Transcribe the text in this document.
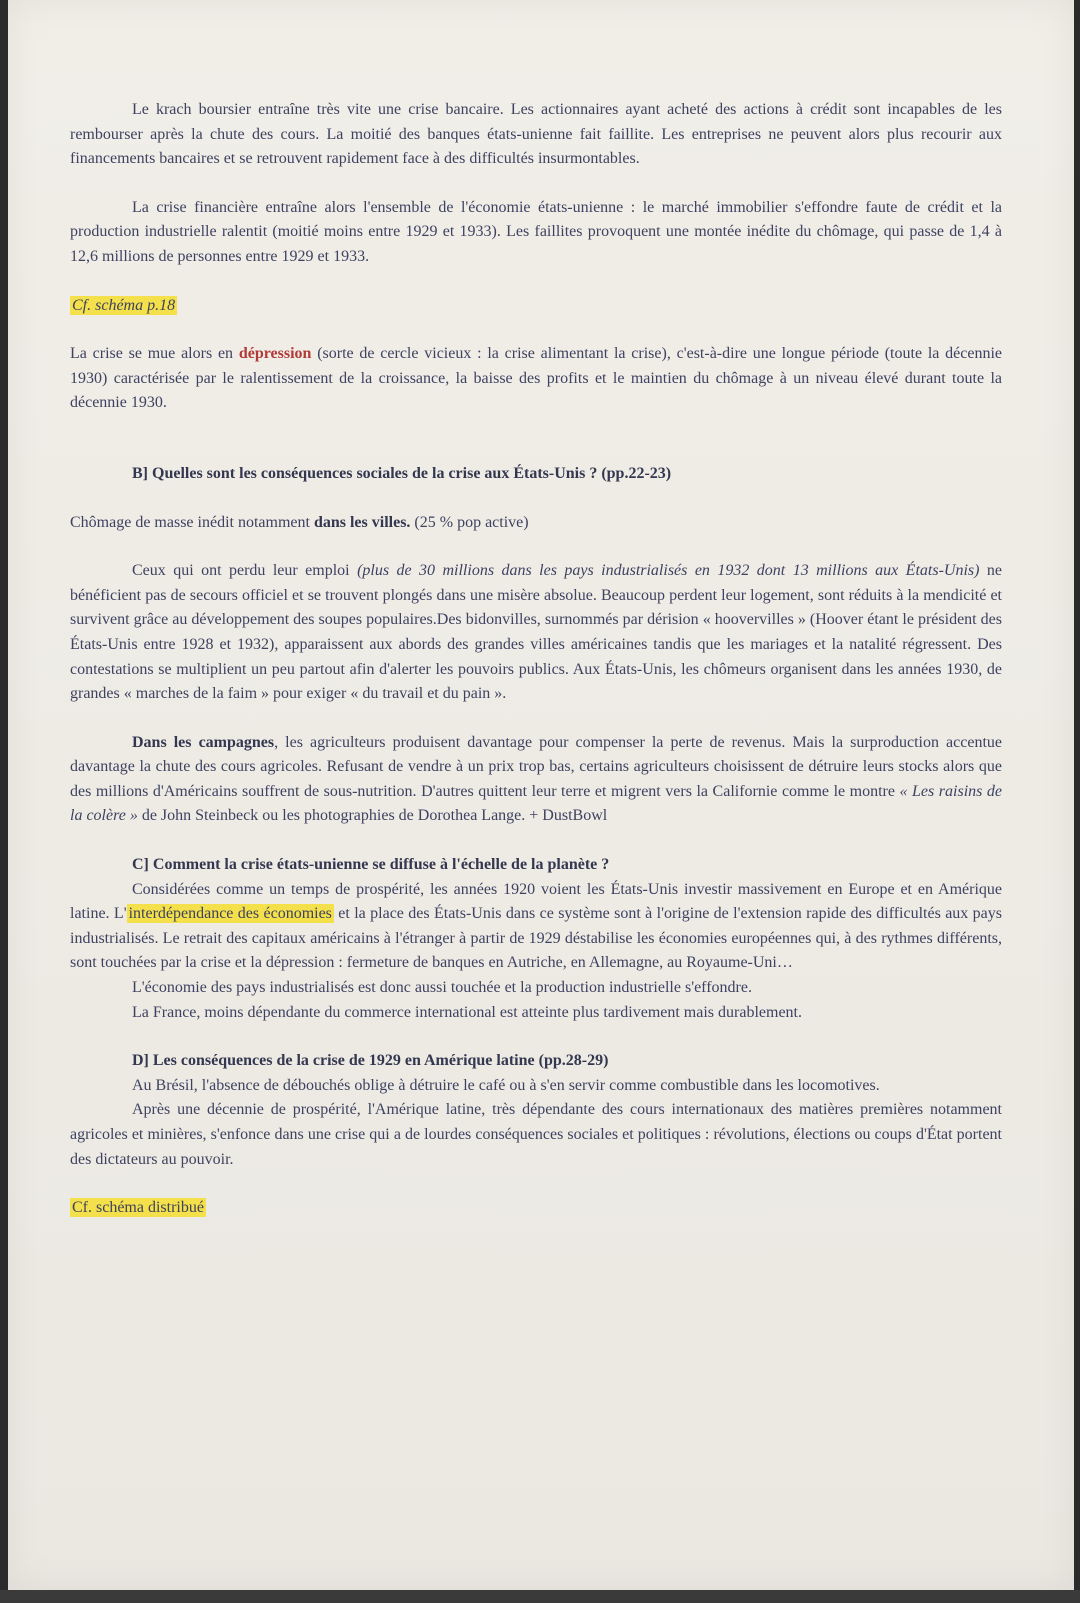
Le krach boursier entraîne très vite une crise bancaire. Les actionnaires ayant acheté des actions à crédit sont incapables de les rembourser après la chute des cours. La moitié des banques états-unienne fait faillite. Les entreprises ne peuvent alors plus recourir aux financements bancaires et se retrouvent rapidement face à des difficultés insurmontables.

La crise financière entraîne alors l'ensemble de l'économie états-unienne : le marché immobilier s'effondre faute de crédit et la production industrielle ralentit (moitié moins entre 1929 et 1933). Les faillites provoquent une montée inédite du chômage, qui passe de 1,4 à 12,6 millions de personnes entre 1929 et 1933.

Cf. schéma p.18

La crise se mue alors en dépression (sorte de cercle vicieux : la crise alimentant la crise), c'est-à-dire une longue période (toute la décennie 1930) caractérisée par le ralentissement de la croissance, la baisse des profits et le maintien du chômage à un niveau élevé durant toute la décennie 1930.

B] Quelles sont les conséquences sociales de la crise aux États-Unis ? (pp.22-23)

Chômage de masse inédit notamment dans les villes. (25 % pop active)

Ceux qui ont perdu leur emploi (plus de 30 millions dans les pays industrialisés en 1932 dont 13 millions aux États-Unis) ne bénéficient pas de secours officiel et se trouvent plongés dans une misère absolue. Beaucoup perdent leur logement, sont réduits à la mendicité et survivent grâce au développement des soupes populaires.Des bidonvilles, surnommés par dérision « hoovervilles » (Hoover étant le président des États-Unis entre 1928 et 1932), apparaissent aux abords des grandes villes américaines tandis que les mariages et la natalité régressent. Des contestations se multiplient un peu partout afin d'alerter les pouvoirs publics. Aux États-Unis, les chômeurs organisent dans les années 1930, de grandes « marches de la faim » pour exiger « du travail et du pain ».

Dans les campagnes, les agriculteurs produisent davantage pour compenser la perte de revenus. Mais la surproduction accentue davantage la chute des cours agricoles. Refusant de vendre à un prix trop bas, certains agriculteurs choisissent de détruire leurs stocks alors que des millions d'Américains souffrent de sous-nutrition. D'autres quittent leur terre et migrent vers la Californie comme le montre « Les raisins de la colère » de John Steinbeck ou les photographies de Dorothea Lange. + DustBowl

C] Comment la crise états-unienne se diffuse à l'échelle de la planète ?

Considérées comme un temps de prospérité, les années 1920 voient les États-Unis investir massivement en Europe et en Amérique latine. L' interdépendance des économies et la place des États-Unis dans ce système sont à l'origine de l'extension rapide des difficultés aux pays industrialisés. Le retrait des capitaux américains à l'étranger à partir de 1929 déstabilise les économies européennes qui, à des rythmes différents, sont touchées par la crise et la dépression : fermeture de banques en Autriche, en Allemagne, au Royaume-Uni…

L'économie des pays industrialisés est donc aussi touchée et la production industrielle s'effondre.

La France, moins dépendante du commerce international est atteinte plus tardivement mais durablement.

D] Les conséquences de la crise de 1929 en Amérique latine (pp.28-29)

Au Brésil, l'absence de débouchés oblige à détruire le café ou à s'en servir comme combustible dans les locomotives.

Après une décennie de prospérité, l'Amérique latine, très dépendante des cours internationaux des matières premières notamment agricoles et minières, s'enfonce dans une crise qui a de lourdes conséquences sociales et politiques : révolutions, élections ou coups d'État portent des dictateurs au pouvoir.

Cf. schéma distribué
